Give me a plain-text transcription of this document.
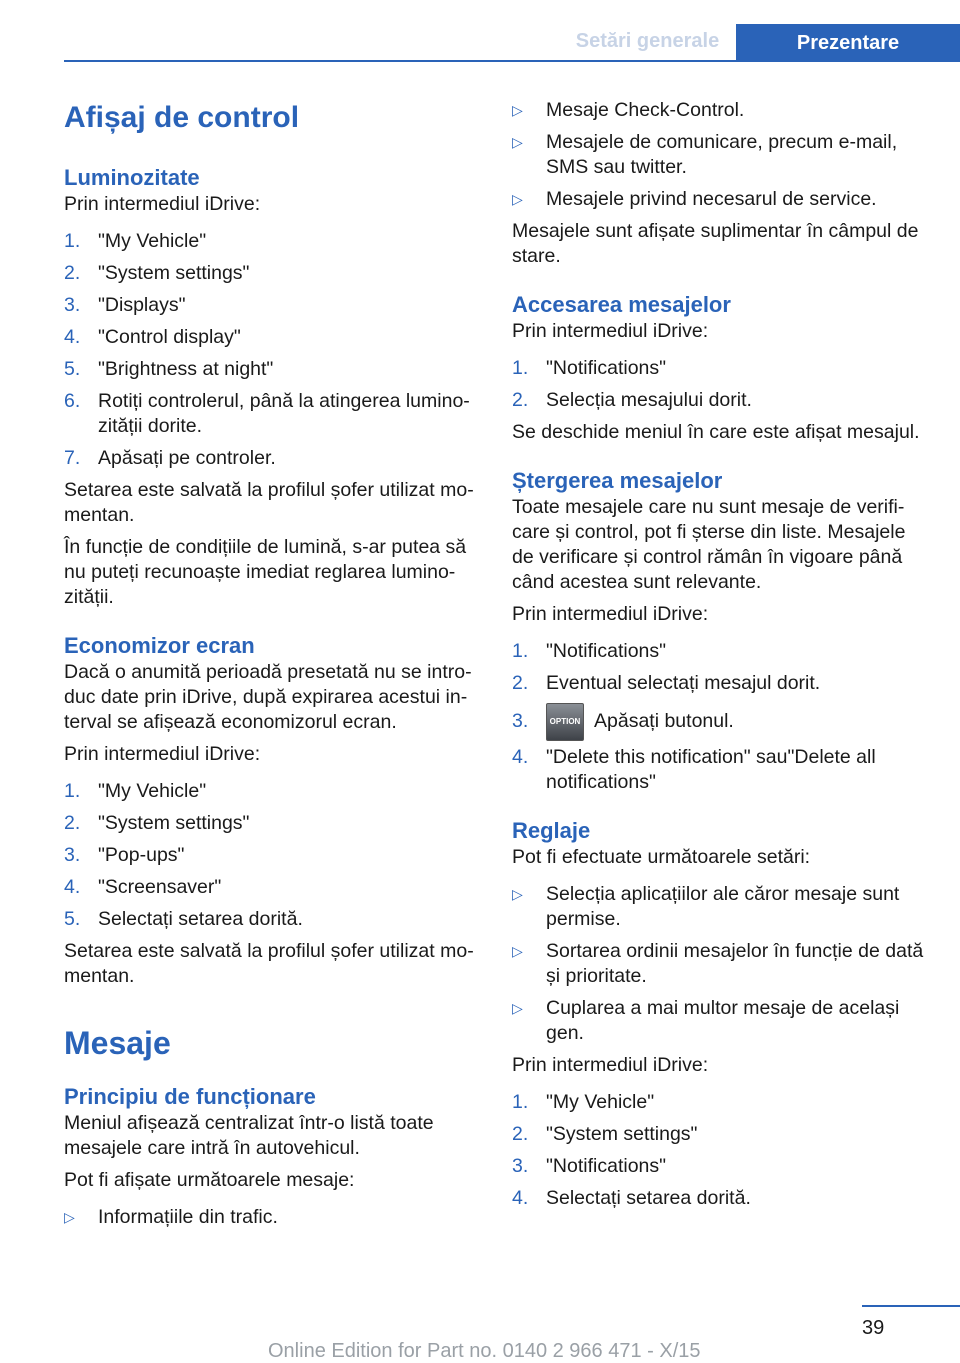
Setări generale	Prezentare
Afișaj de control
Luminozitate

Prin intermediul iDrive:

1. "My Vehicle"
2. "System settings"
3. "Displays"
4. "Control display"
5. "Brightness at night"
6. Rotiți controlerul, până la atingerea lumino-zității dorite.
7. Apăsați pe controler.

Setarea este salvată la profilul șofer utilizat mo-mentan.

În funcție de condițiile de lumină, s-ar putea să nu puteți recunoaște imediat reglarea lumino-zității.

Economizor ecran

Dacă o anumită perioadă presetată nu se intro-duc date prin iDrive, după expirarea acestui in-terval se afișează economizorul ecran.

Prin intermediul iDrive:

1. "My Vehicle"
2. "System settings"
3. "Pop-ups"
4. "Screensaver"
5. Selectați setarea dorită.

Setarea este salvată la profilul șofer utilizat mo-mentan.

Mesaje
Principiu de funcționare

Meniul afișează centralizat într-o listă toate mesajele care intră în autovehicul.

Pot fi afișate următoarele mesaje:

▷ Informațiile din trafic.
▷ Mesaje Check-Control.
▷ Mesajele de comunicare, precum e-mail, SMS sau twitter.
▷ Mesajele privind necesarul de service.

Mesajele sunt afișate suplimentar în câmpul de stare.

Accesarea mesajelor

Prin intermediul iDrive:

1. "Notifications"
2. Selecția mesajului dorit.

Se deschide meniul în care este afișat mesajul.

Ștergerea mesajelor

Toate mesajele care nu sunt mesaje de verifi-care și control, pot fi șterse din liste. Mesajele de verificare și control rămân în vigoare până când acestea sunt relevante.

Prin intermediul iDrive:

1. "Notifications"
2. Eventual selectați mesajul dorit.
3.	OPTION Apăsați butonul.
4. "Delete this notification" sau"Delete all notifications"
Reglaje

Pot fi efectuate următoarele setări:

▷ Selecția aplicațiilor ale căror mesaje sunt permise.
▷ Sortarea ordinii mesajelor în funcție de dată și prioritate.
▷ Cuplarea a mai multor mesaje de același gen.

Prin intermediul iDrive:

1. "My Vehicle"
2. "System settings"
3. "Notifications"
4. Selectați setarea dorită.
39
Online Edition for Part no. 0140 2 966 471 - X/15
